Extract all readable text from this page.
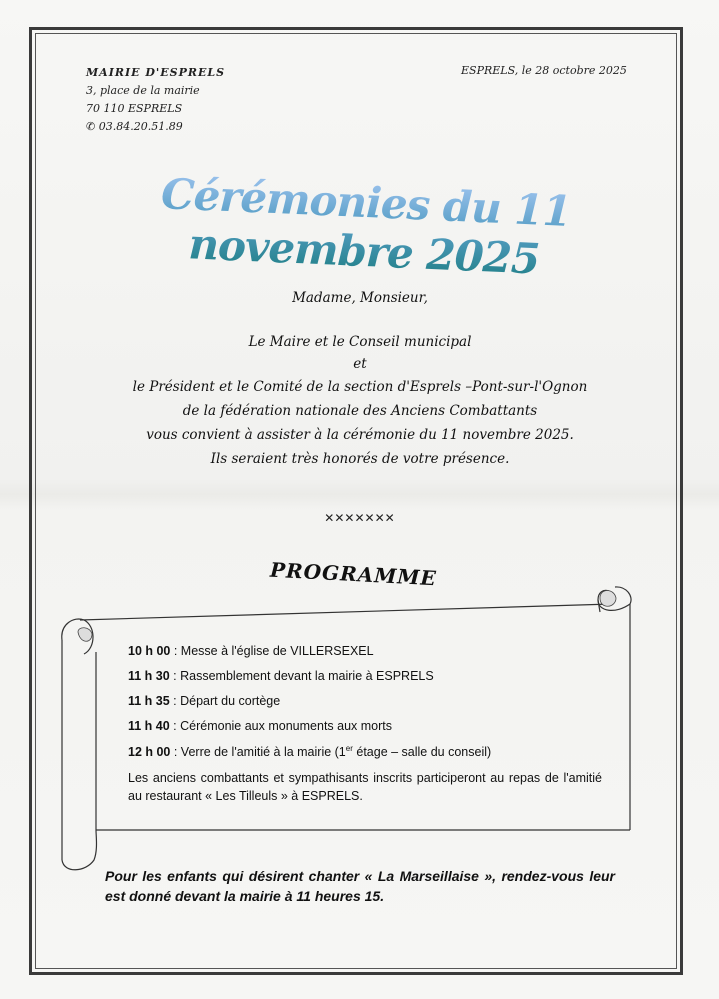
MAIRIE D'ESPRELS
3, place de la mairie
70 110 ESPRELS
✆ 03.84.20.51.89
ESPRELS, le 28 octobre 2025
Cérémonies du 11 novembre 2025
Madame, Monsieur,
Le Maire et le Conseil municipal
et
le Président et le Comité de la section d'Esprels –Pont-sur-l'Ognon
de la fédération nationale des Anciens Combattants
vous convient à assister à la cérémonie du 11 novembre 2025.
Ils seraient très honorés de votre présence.
✕✕✕✕✕✕✕
PROGRAMME
10 h 00 : Messe à l'église de VILLERSEXEL
11 h 30 : Rassemblement devant la mairie à ESPRELS
11 h 35 : Départ du cortège
11 h 40 : Cérémonie aux monuments aux morts
12 h 00 : Verre de l'amitié à la mairie (1er étage – salle du conseil)
Les anciens combattants et sympathisants inscrits participeront au repas de l'amitié au restaurant « Les Tilleuls » à ESPRELS.
Pour les enfants qui désirent chanter « La Marseillaise », rendez-vous leur est donné devant la mairie à 11 heures 15.
